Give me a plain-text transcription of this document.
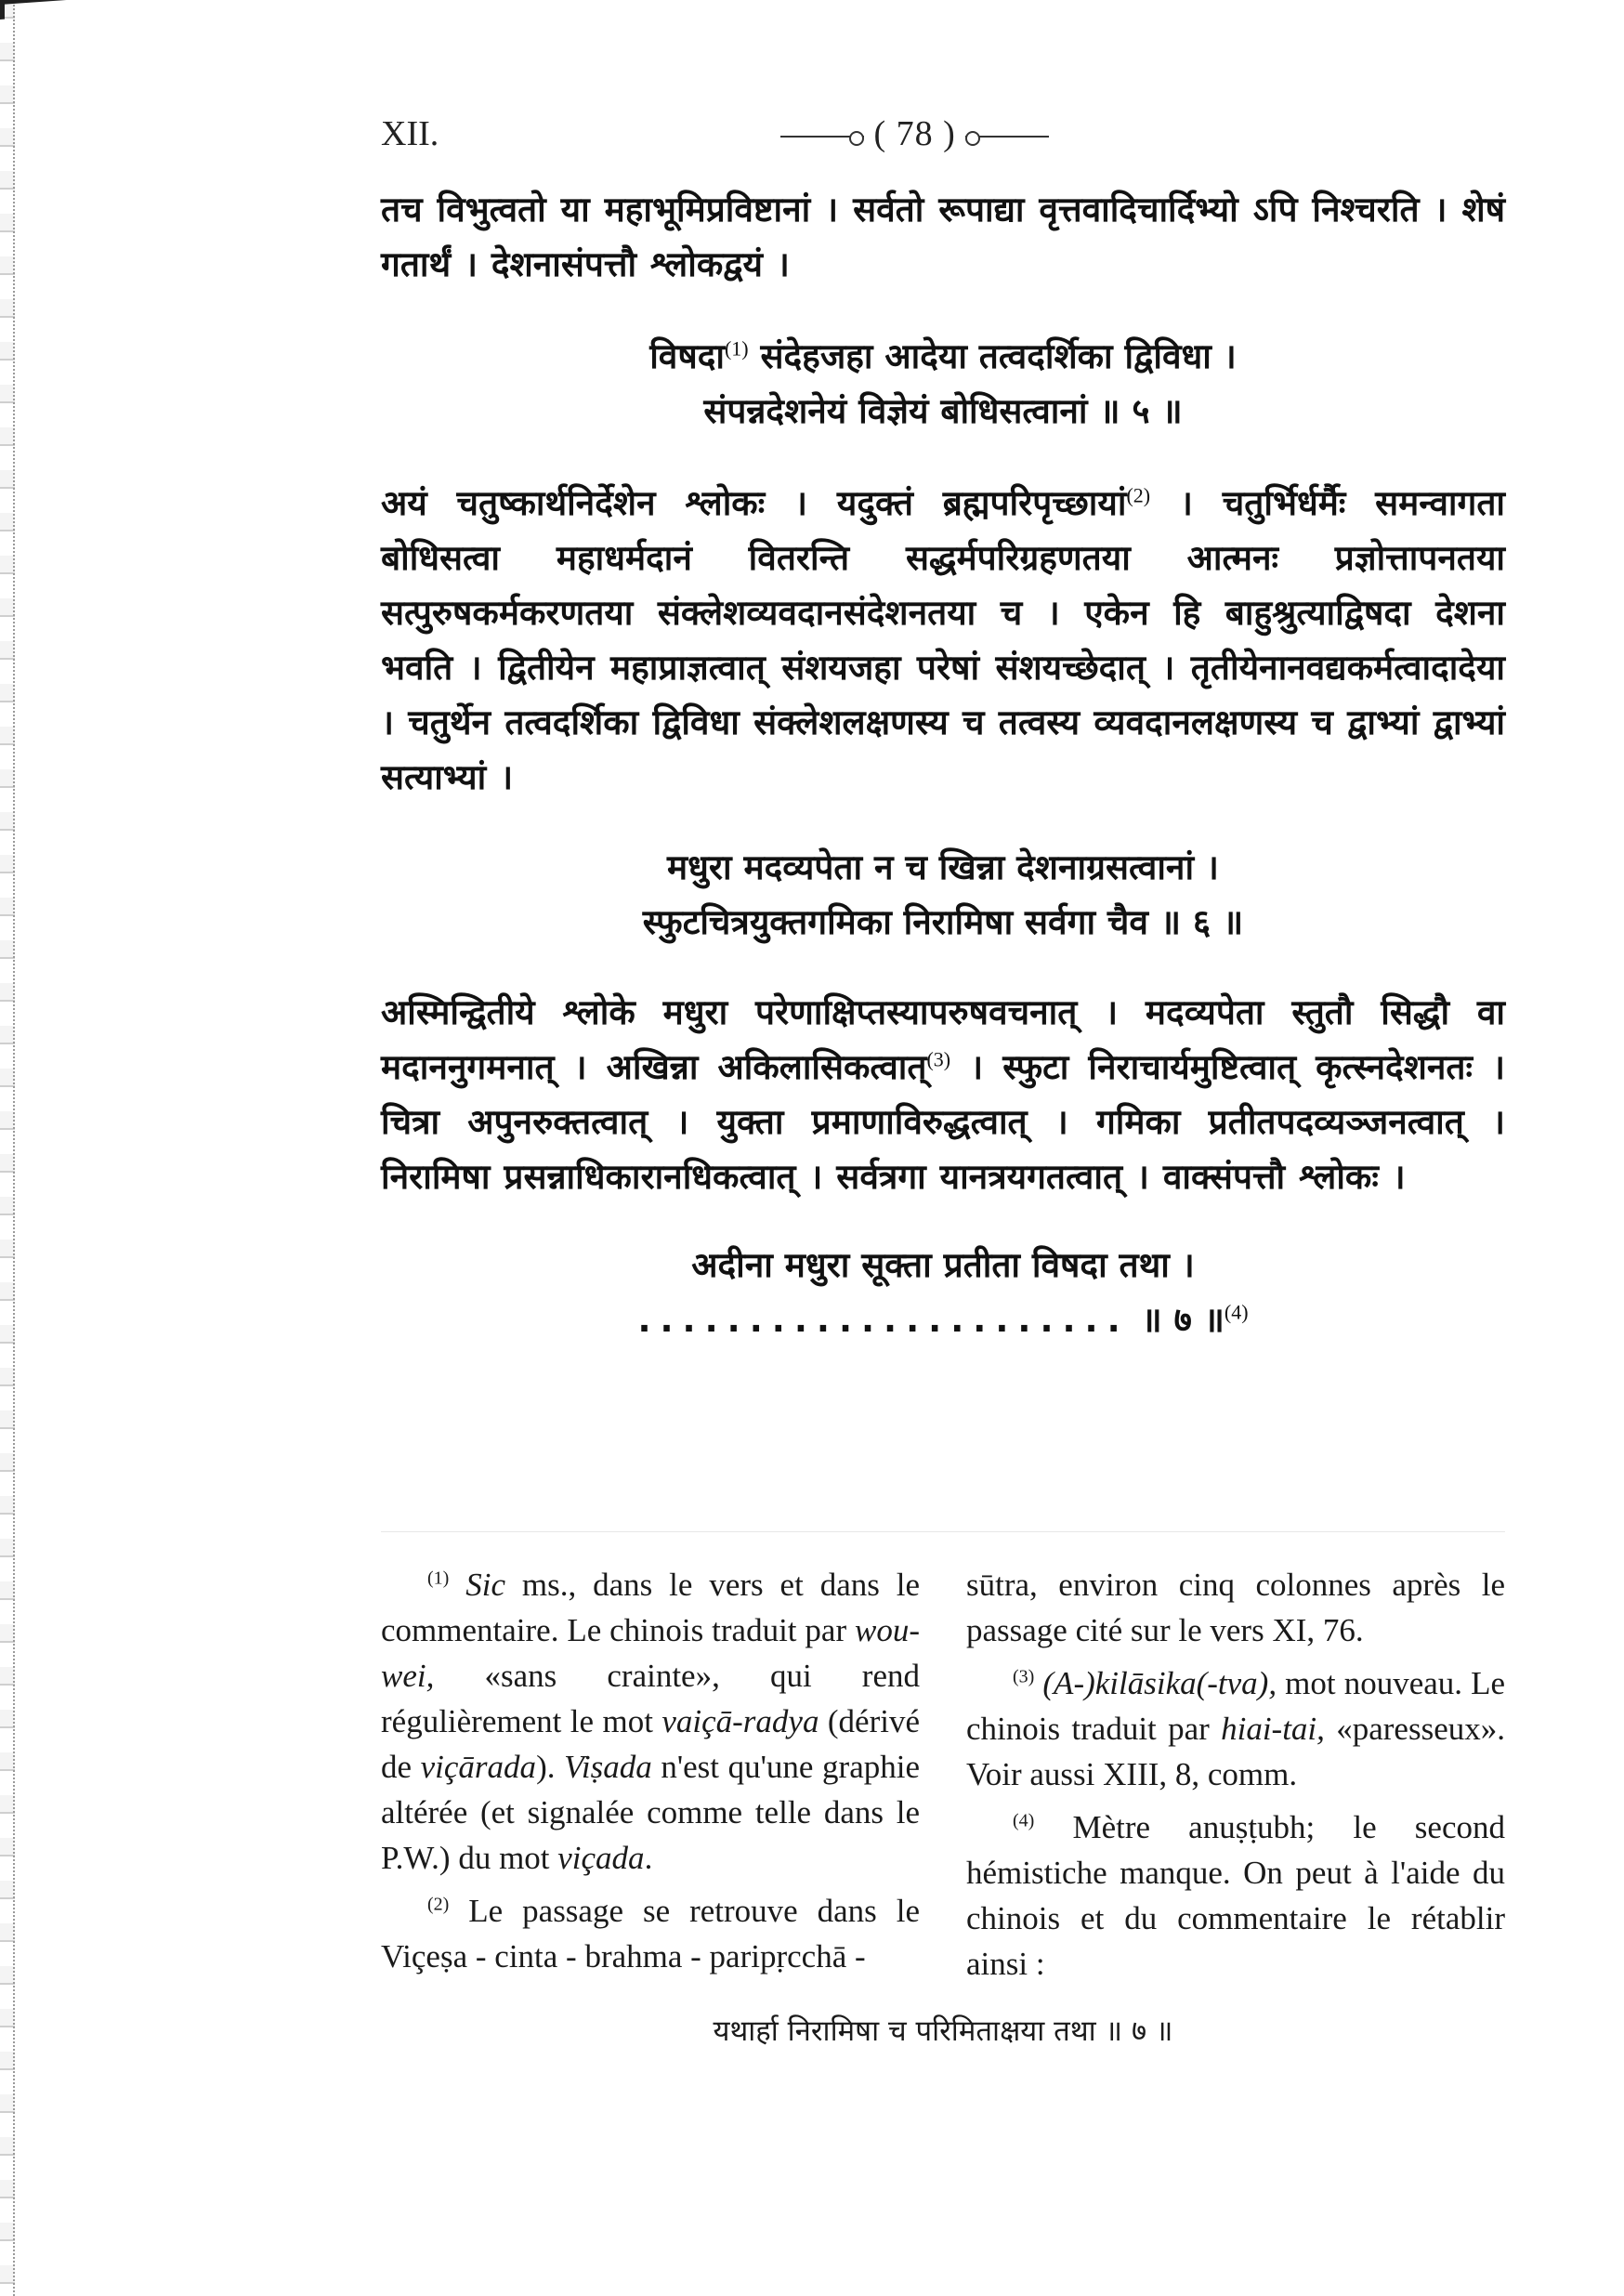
XII.	( 78 )

तच विभुत्वतो या महाभूमिप्रविष्टानां । सर्वतो रूपाद्या वृत्तवादिचार्दिभ्यो ऽपि निश्चरति । शेषं गतार्थं । देशनासंपत्तौ श्लोकद्वयं ।

विषदा$^{(1)}$ संदेहजहा आदेया तत्वदर्शिका द्विविधा ।
संपन्नदेशनेयं विज्ञेयं बोधिसत्वानां ॥ ५ ॥

अयं चतुष्कार्थनिर्देशेन श्लोकः । यदुक्तं ब्रह्मपरिपृच्छायां$^{(2)}$ । चतुर्भिर्धर्मैः समन्वागता बोधिसत्वा महाधर्मदानं वितरन्ति सद्धर्मपरिग्रहणतया आत्मनः प्रज्ञोत्तापनतया सत्पुरुषकर्मकरणतया संक्लेशव्यवदानसंदेशनतया च । एकेन हि बाहुश्रुत्याद्विषदा देशना भवति । द्वितीयेन महाप्राज्ञत्वात् संशयजहा परेषां संशयच्छेदात् । तृतीयेनानवद्यकर्मत्वादादेया । चतुर्थेन तत्वदर्शिका द्विविधा संक्लेशलक्षणस्य च तत्वस्य व्यवदानलक्षणस्य च द्वाभ्यां द्वाभ्यां सत्याभ्यां ।

मधुरा मदव्यपेता न च खिन्ना देशनाग्रसत्वानां ।
स्फुटचित्रयुक्तगमिका निरामिषा सर्वगा चैव ॥ ६ ॥

अस्मिन्द्वितीये श्लोके मधुरा परेणाक्षिप्तस्यापरुषवचनात् । मदव्यपेता स्तुतौ सिद्धौ वा मदाननुगमनात् । अखिन्ना अकिलासिकत्वात्$^{(3)}$ । स्फुटा निराचार्यमुष्टित्वात् कृत्स्नदेशनतः । चित्रा अपुनरुक्तत्वात् । युक्ता प्रमाणाविरुद्धत्वात् । गमिका प्रतीतपदव्यञ्जनत्वात् । निरामिषा प्रसन्नाधिकारानधिकत्वात् । सर्वत्रगा यानत्रयगतत्वात् । वाक्संपत्तौ श्लोकः ।

अदीना मधुरा सूक्ता प्रतीता विषदा तथा ।
...................... ॥ ७ ॥$^{(4)}$

$^{(1)}$ Sic ms., dans le vers et dans le commentaire. Le chinois traduit par wou-wei, «sans crainte», qui rend régulièrement le mot vaiçā-radya (dérivé de viçārada). Viṣada n'est qu'une graphie altérée (et signalée comme telle dans le P.W.) du mot viçada.

$^{(2)}$ Le passage se retrouve dans le Viçeṣa - cinta - brahma - paripṛcchā -

sūtra, environ cinq colonnes après le passage cité sur le vers XI, 76.

$^{(3)}$ (A-)kilāsika(-tva), mot nouveau. Le chinois traduit par hiai-tai, «paresseux». Voir aussi XIII, 8, comm.

$^{(4)}$ Mètre anuṣṭubh; le second hémistiche manque. On peut à l'aide du chinois et du commentaire le rétablir ainsi :

यथार्हा निरामिषा च परिमिताक्षया तथा ॥ ७ ॥
